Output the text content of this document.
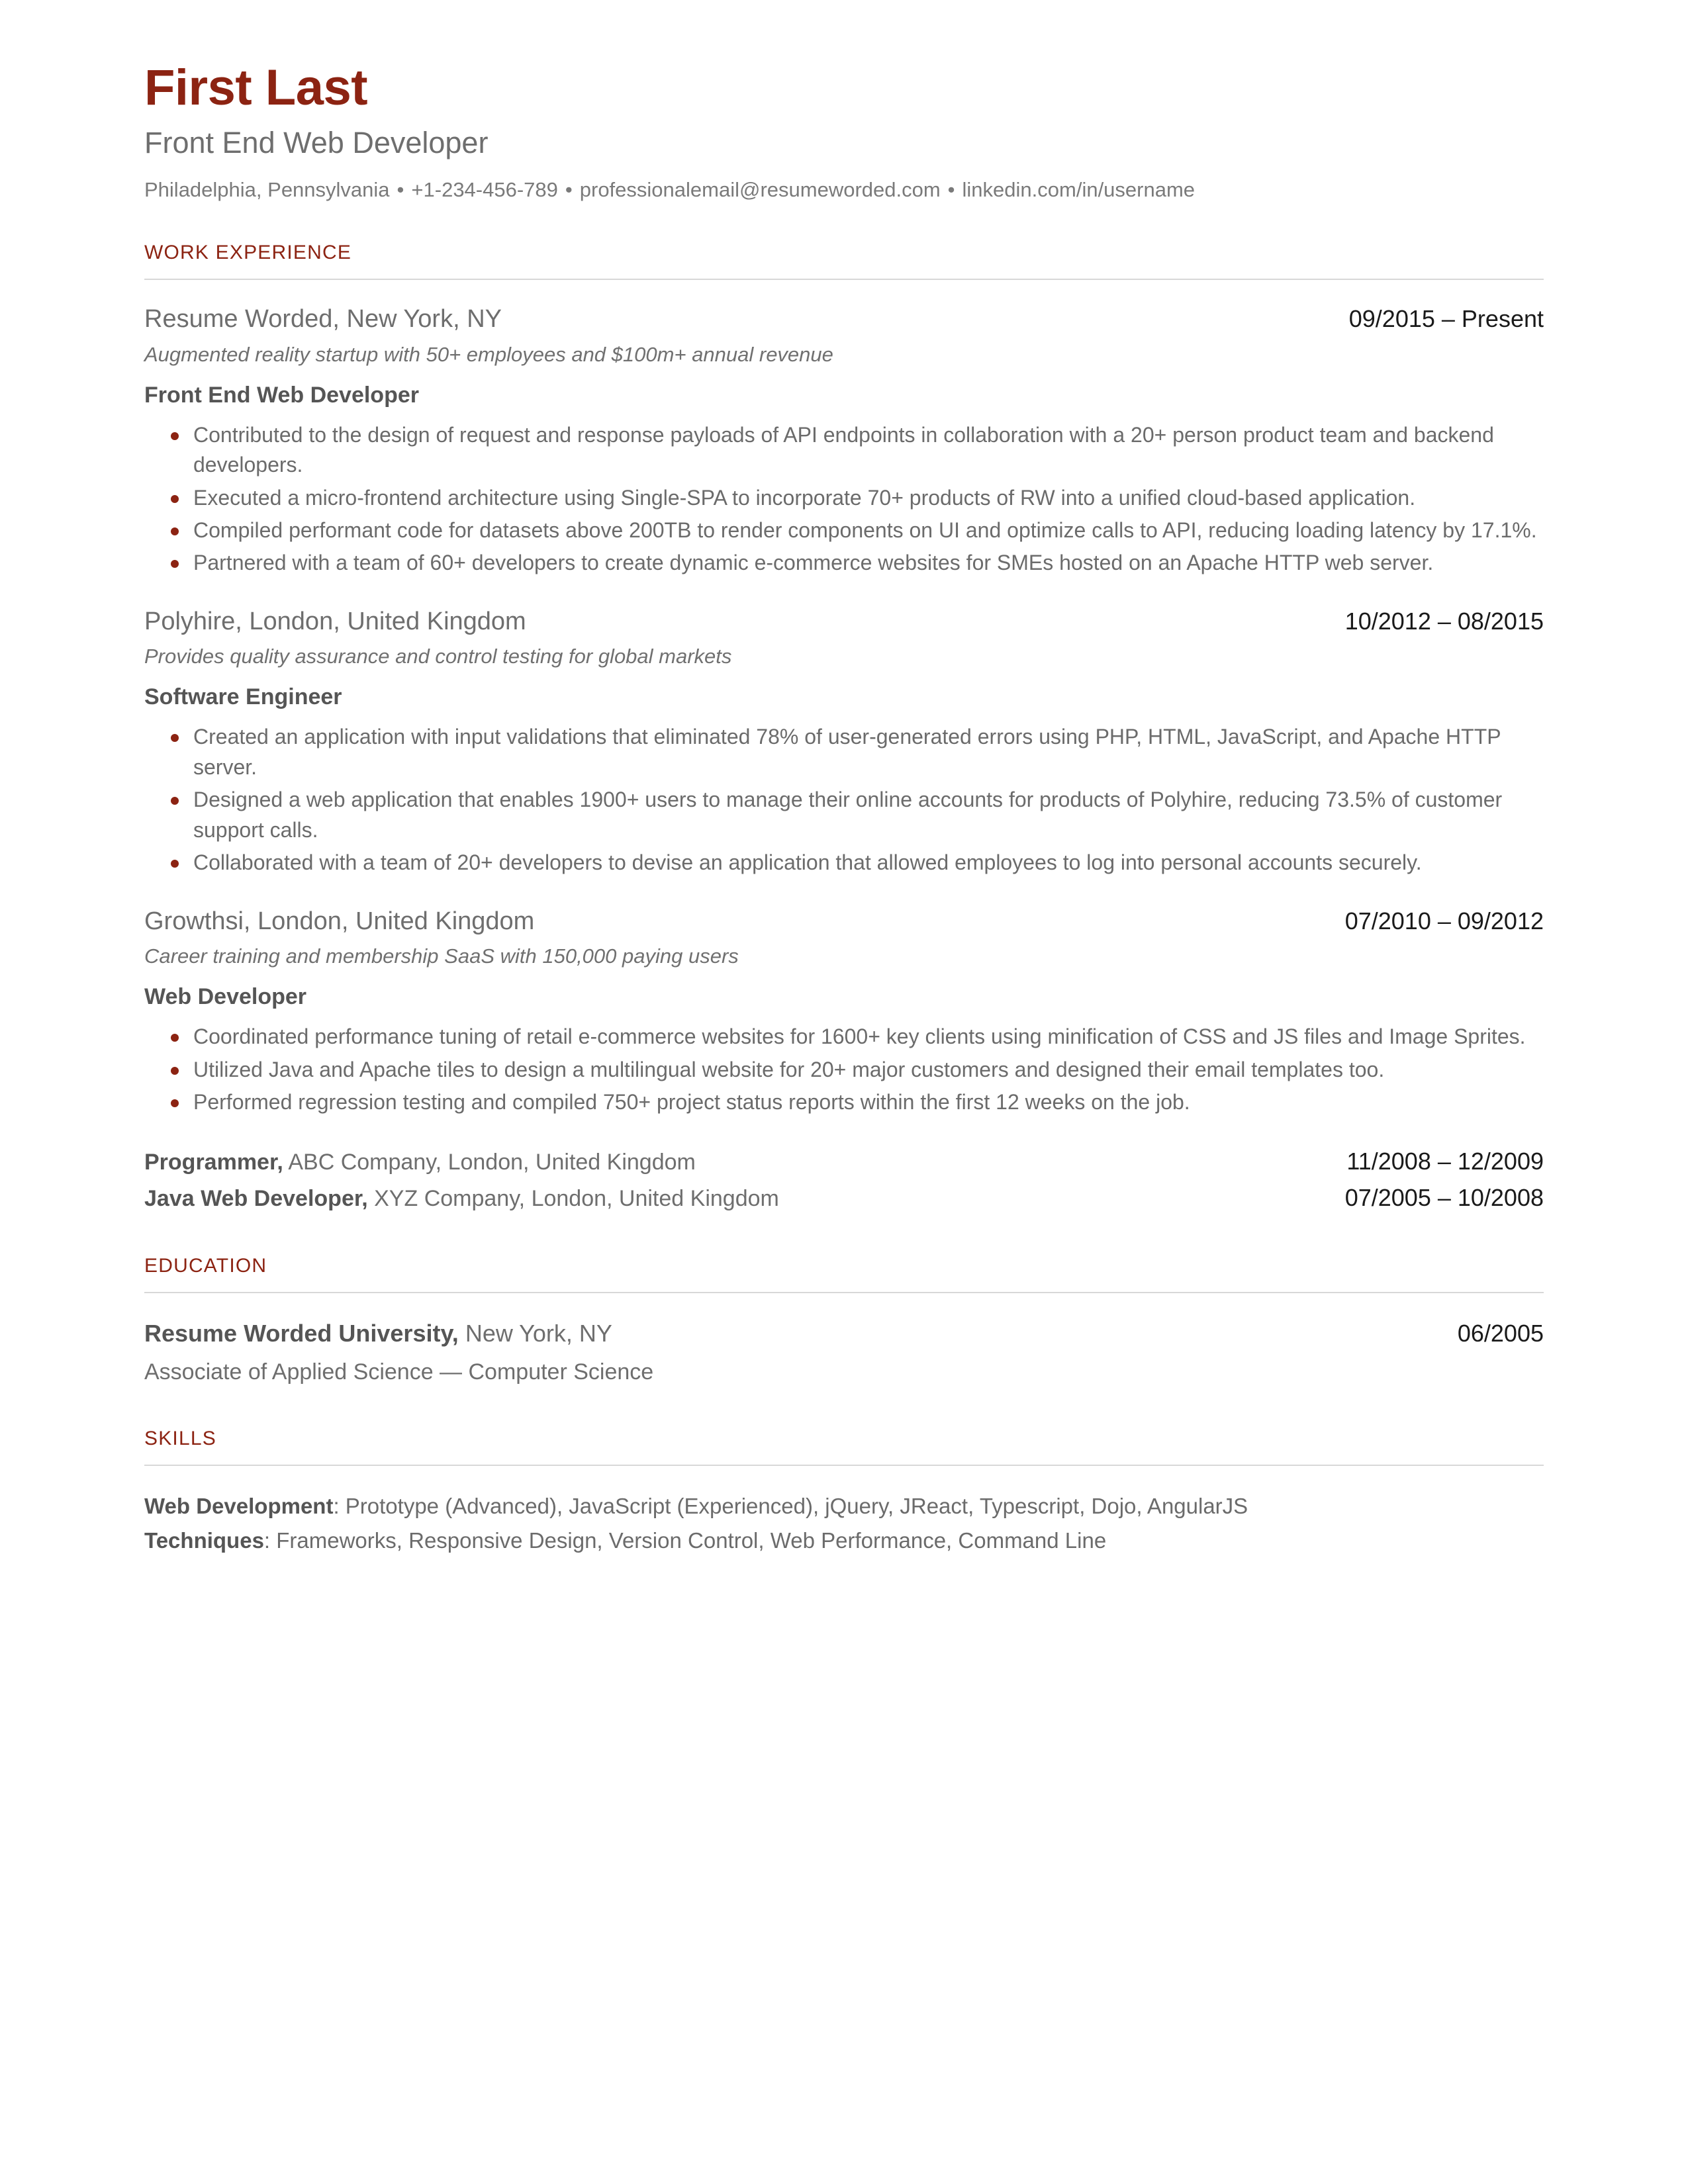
First Last
Front End Web Developer
Philadelphia, Pennsylvania • +1-234-456-789 • professionalemail@resumeworded.com • linkedin.com/in/username
WORK EXPERIENCE
Resume Worded, New York, NY	09/2015 – Present
Augmented reality startup with 50+ employees and $100m+ annual revenue
Front End Web Developer
Contributed to the design of request and response payloads of API endpoints in collaboration with a 20+ person product team and backend developers.
Executed a micro-frontend architecture using Single-SPA to incorporate 70+ products of RW into a unified cloud-based application.
Compiled performant code for datasets above 200TB to render components on UI and optimize calls to API, reducing loading latency by 17.1%.
Partnered with a team of 60+ developers to create dynamic e-commerce websites for SMEs hosted on an Apache HTTP web server.
Polyhire, London, United Kingdom	10/2012 – 08/2015
Provides quality assurance and control testing for global markets
Software Engineer
Created an application with input validations that eliminated 78% of user-generated errors using PHP, HTML, JavaScript, and Apache HTTP server.
Designed a web application that enables 1900+ users to manage their online accounts for products of Polyhire, reducing 73.5% of customer support calls.
Collaborated with a team of 20+ developers to devise an application that allowed employees to log into personal accounts securely.
Growthsi, London, United Kingdom	07/2010 – 09/2012
Career training and membership SaaS with 150,000 paying users
Web Developer
Coordinated performance tuning of retail e-commerce websites for 1600+ key clients using minification of CSS and JS files and Image Sprites.
Utilized Java and Apache tiles to design a multilingual website for 20+ major customers and designed their email templates too.
Performed regression testing and compiled 750+ project status reports within the first 12 weeks on the job.
Programmer, ABC Company, London, United Kingdom	11/2008 – 12/2009
Java Web Developer, XYZ Company, London, United Kingdom	07/2005 – 10/2008
EDUCATION
Resume Worded University, New York, NY	06/2005
Associate of Applied Science — Computer Science
SKILLS
Web Development: Prototype (Advanced), JavaScript (Experienced), jQuery, JReact, Typescript, Dojo, AngularJS
Techniques: Frameworks, Responsive Design, Version Control, Web Performance, Command Line
